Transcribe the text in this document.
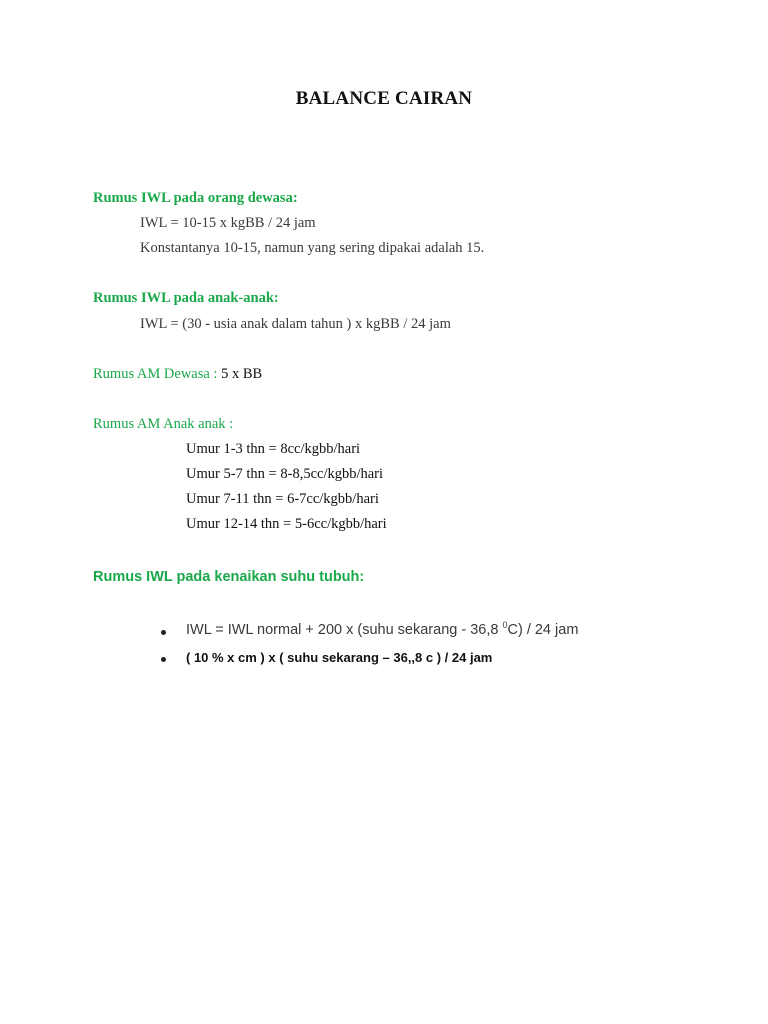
BALANCE CAIRAN
Rumus IWL pada orang dewasa:
IWL = 10-15 x kgBB / 24 jam
Konstantanya 10-15, namun yang sering dipakai adalah 15.
Rumus IWL pada anak-anak:
IWL = (30 - usia anak dalam tahun ) x kgBB / 24 jam
Rumus AM Dewasa : 5 x BB
Rumus AM Anak anak :
Umur 1-3 thn = 8cc/kgbb/hari
Umur 5-7 thn = 8-8,5cc/kgbb/hari
Umur 7-11 thn = 6-7cc/kgbb/hari
Umur 12-14 thn = 5-6cc/kgbb/hari
Rumus IWL pada kenaikan suhu tubuh:
IWL = IWL normal + 200 x (suhu sekarang - 36,8 $^0$C) / 24 jam
( 10 % x cm ) x ( suhu sekarang – 36,,8 c ) / 24 jam
